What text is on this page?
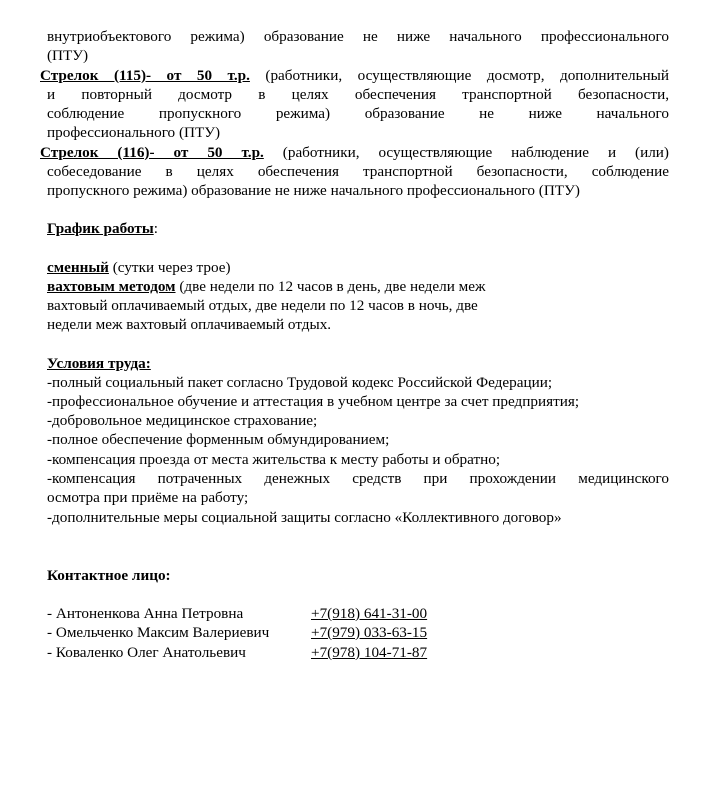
внутриобъектового режима) образование не ниже начального профессионального
(ПТУ)
Стрелок (115)- от 50 т.р. (работники, осуществляющие досмотр, дополнительный
и повторный досмотр в целях обеспечения транспортной безопасности,
соблюдение пропускного режима) образование не ниже начального
профессионального (ПТУ)
Стрелок (116)- от 50 т.р. (работники, осуществляющие наблюдение и (или)
собеседование в целях обеспечения транспортной безопасности, соблюдение
пропускного режима) образование не ниже начального профессионального (ПТУ)
График работы:
сменный (сутки через трое)
вахтовым методом (две недели по 12 часов в день, две недели меж
вахтовый оплачиваемый отдых, две недели по 12 часов в ночь, две
недели меж вахтовый оплачиваемый отдых.
Условия труда:
-полный социальный пакет согласно Трудовой кодекс Российской Федерации;
-профессиональное обучение и аттестация в учебном центре за счет предприятия;
-добровольное медицинское страхование;
-полное обеспечение форменным обмундированием;
-компенсация проезда от места жительства к месту работы и обратно;
-компенсация потраченных денежных средств при прохождении медицинского
осмотра при приёме на работу;
-дополнительные меры социальной защиты согласно «Коллективного договор»
Контактное лицо:
- Антоненкова Анна Петровна	+7(918) 641-31-00
- Омельченко Максим Валериевич	+7(979) 033-63-15
- Коваленко Олег Анатольевич	+7(978) 104-71-87
